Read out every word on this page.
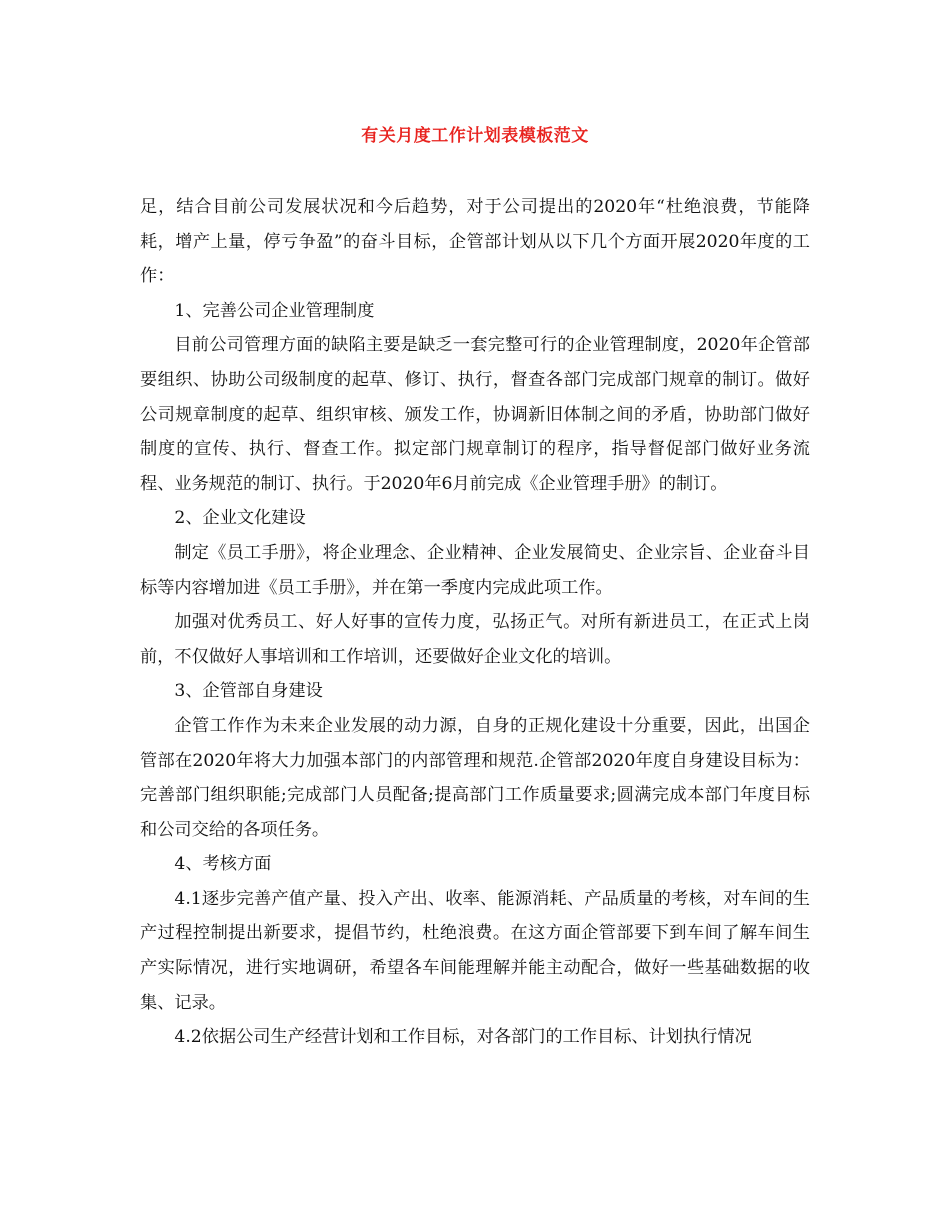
有关月度工作计划表模板范文

足，结合目前公司发展状况和今后趋势，对于公司提出的2020年“杜绝浪费，节能降耗，增产上量，停亏争盈”的奋斗目标，企管部计划从以下几个方面开展2020年度的工作：

1、完善公司企业管理制度

目前公司管理方面的缺陷主要是缺乏一套完整可行的企业管理制度，2020年企管部要组织、协助公司级制度的起草、修订、执行，督查各部门完成部门规章的制订。做好公司规章制度的起草、组织审核、颁发工作，协调新旧体制之间的矛盾，协助部门做好制度的宣传、执行、督查工作。拟定部门规章制订的程序，指导督促部门做好业务流程、业务规范的制订、执行。于2020年6月前完成《企业管理手册》的制订。

2、企业文化建设

制定《员工手册》，将企业理念、企业精神、企业发展简史、企业宗旨、企业奋斗目标等内容增加进《员工手册》，并在第一季度内完成此项工作。

加强对优秀员工、好人好事的宣传力度，弘扬正气。对所有新进员工，在正式上岗前，不仅做好人事培训和工作培训，还要做好企业文化的培训。

3、企管部自身建设

企管工作作为未来企业发展的动力源，自身的正规化建设十分重要，因此，出国企管部在2020年将大力加强本部门的内部管理和规范.企管部2020年度自身建设目标为：完善部门组织职能;完成部门人员配备;提高部门工作质量要求;圆满完成本部门年度目标和公司交给的各项任务。

4、考核方面

4.1逐步完善产值产量、投入产出、收率、能源消耗、产品质量的考核，对车间的生产过程控制提出新要求，提倡节约，杜绝浪费。在这方面企管部要下到车间了解车间生产实际情况，进行实地调研，希望各车间能理解并能主动配合，做好一些基础数据的收集、记录。

4.2依据公司生产经营计划和工作目标，对各部门的工作目标、计划执行情况
